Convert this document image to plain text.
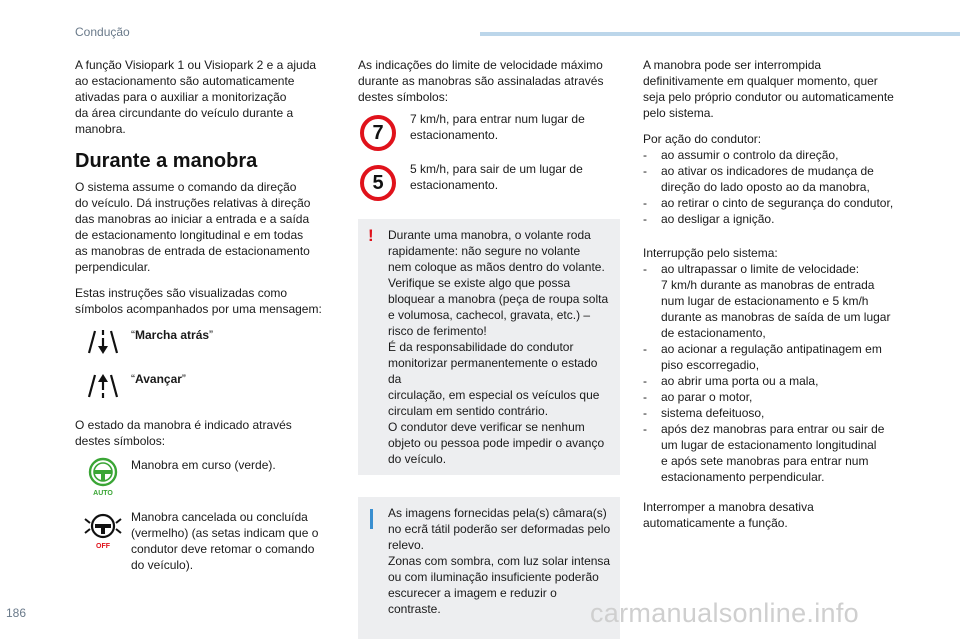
Condução

A função Visiopark 1 ou Visiopark 2 e a ajuda
ao estacionamento são automaticamente
ativadas para o auxiliar a monitorização
da área circundante do veículo durante a
manobra.

Durante a manobra

O sistema assume o comando da direção
do veículo. Dá instruções relativas à direção
das manobras ao iniciar a entrada e a saída
de estacionamento longitudinal e em todas
as manobras de entrada de estacionamento
perpendicular.

Estas instruções são visualizadas como
símbolos acompanhados por uma mensagem:

“Marcha atrás”
“Avançar”

O estado da manobra é indicado através
destes símbolos:

AUTO
Manobra em curso (verde).
OFF
Manobra cancelada ou concluída
(vermelho) (as setas indicam que o
condutor deve retomar o comando
do veículo).

As indicações do limite de velocidade máximo
durante as manobras são assinaladas através
destes símbolos:

7
7 km/h, para entrar num lugar de
estacionamento.
5
5 km/h, para sair de um lugar de
estacionamento.
! Durante uma manobra, o volante roda
rapidamente: não segure no volante
nem coloque as mãos dentro do volante.
Verifique se existe algo que possa
bloquear a manobra (peça de roupa solta
e volumosa, cachecol, gravata, etc.) –
risco de ferimento!
É da responsabilidade do condutor
monitorizar permanentemente o estado da
circulação, em especial os veículos que
circulam em sentido contrário.
O condutor deve verificar se nenhum
objeto ou pessoa pode impedir o avanço
do veículo.

As imagens fornecidas pela(s) câmara(s)
no ecrã tátil poderão ser deformadas pelo
relevo.
Zonas com sombra, com luz solar intensa
ou com iluminação insuficiente poderão
escurecer a imagem e reduzir o contraste.

A manobra pode ser interrompida
definitivamente em qualquer momento, quer
seja pelo próprio condutor ou automaticamente
pelo sistema.

Por ação do condutor:

-	ao assumir o controlo da direção,
-	ao ativar os indicadores de mudança de
direção do lado oposto ao da manobra,
-	ao retirar o cinto de segurança do condutor,
-	ao desligar a ignição.

Interrupção pelo sistema:

-	ao ultrapassar o limite de velocidade:
7 km/h durante as manobras de entrada
num lugar de estacionamento e 5 km/h
durante as manobras de saída de um lugar
de estacionamento,
-	ao acionar a regulação antipatinagem em
piso escorregadio,
-	ao abrir uma porta ou a mala,
-	ao parar o motor,
-	sistema defeituoso,
-	após dez manobras para entrar ou sair de
um lugar de estacionamento longitudinal
e após sete manobras para entrar num
estacionamento perpendicular.

Interromper a manobra desativa
automaticamente a função.

186	carmanualsonline.info
